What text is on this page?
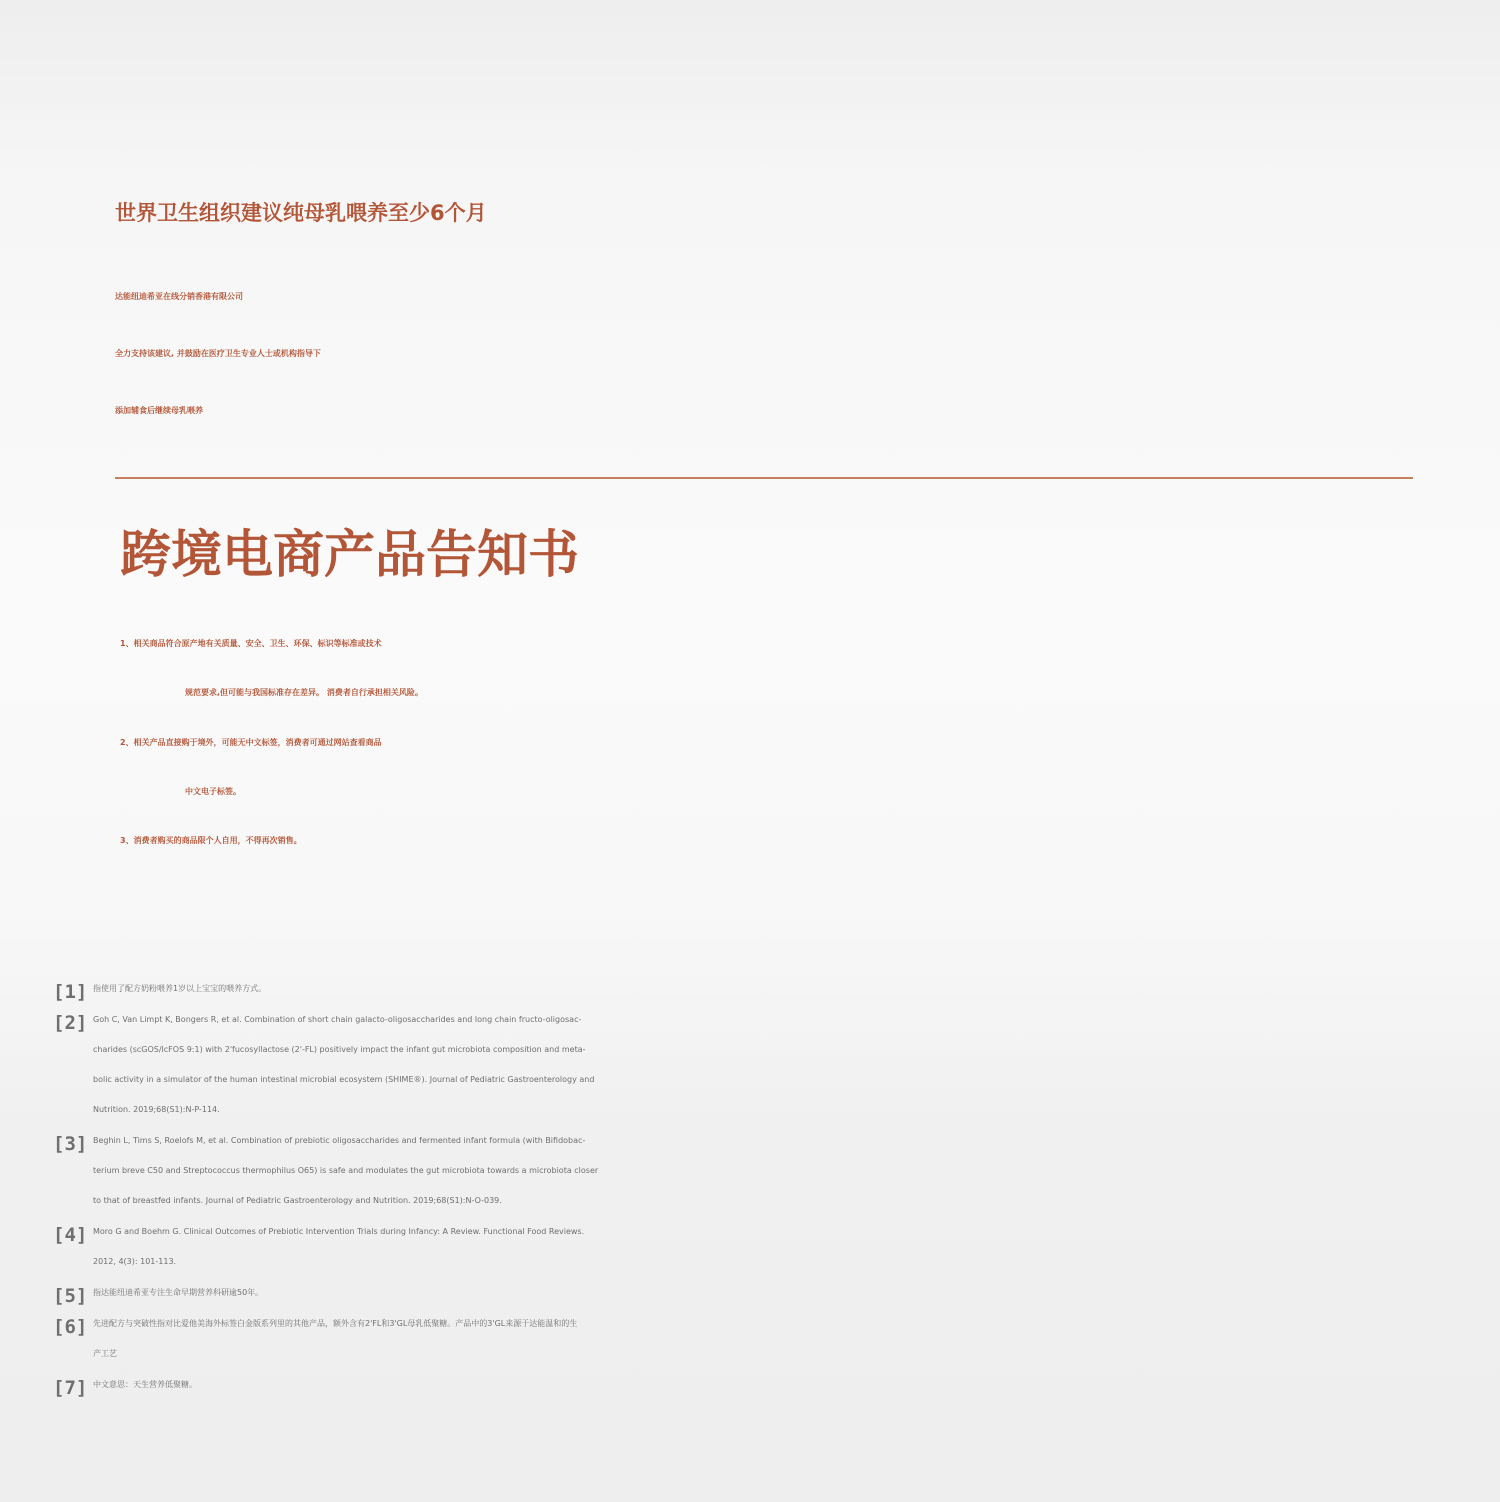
世界卫生组织建议纯母乳喂养至少6个月
达能纽迪希亚在线分销香港有限公司
全力支持该建议, 并鼓励在医疗卫生专业人士或机构指导下
添加辅食后继续母乳喂养
跨境电商产品告知书
1、相关商品符合原产地有关质量、安全、卫生、环保、标识等标准或技术
规范要求,但可能与我国标准存在差异。 消费者自行承担相关风险。
2、相关产品直接购于境外，可能无中文标签，消费者可通过网站查看商品
中文电子标签。
3、消费者购买的商品限个人自用，不得再次销售。
[1] 指使用了配方奶粉喂养1岁以上宝宝的喂养方式。
[2] Goh C, Van Limpt K, Bongers R, et al. Combination of short chain galacto-oligosaccharides and long chain fructo-oligosac-
charides (scGOS/lcFOS 9:1) with 2'fucosyllactose (2'-FL) positively impact the infant gut microbiota composition and meta-
bolic activity in a simulator of the human intestinal microbial ecosystem (SHIME®). Journal of Pediatric Gastroenterology and
Nutrition. 2019;68(S1):N-P-114.
[3] Beghin L, Tims S, Roelofs M, et al. Combination of prebiotic oligosaccharides and fermented infant formula (with Bifidobac-
terium breve C50 and Streptococcus thermophilus O65) is safe and modulates the gut microbiota towards a microbiota closer
to that of breastfed infants. Journal of Pediatric Gastroenterology and Nutrition. 2019;68(S1):N-O-039.
[4] Moro G and Boehm G. Clinical Outcomes of Prebiotic Intervention Trials during Infancy: A Review. Functional Food Reviews.
2012, 4(3): 101-113.
[5] 指达能纽迪希亚专注生命早期营养科研逾50年。
[6] 先进配方与突破性指对比爱他美海外标签白金版系列里的其他产品，额外含有2'FL和3'GL母乳低聚糖。产品中的3'GL来源于达能温和的生
产工艺
[7] 中文意思：天生营养低聚糖。
